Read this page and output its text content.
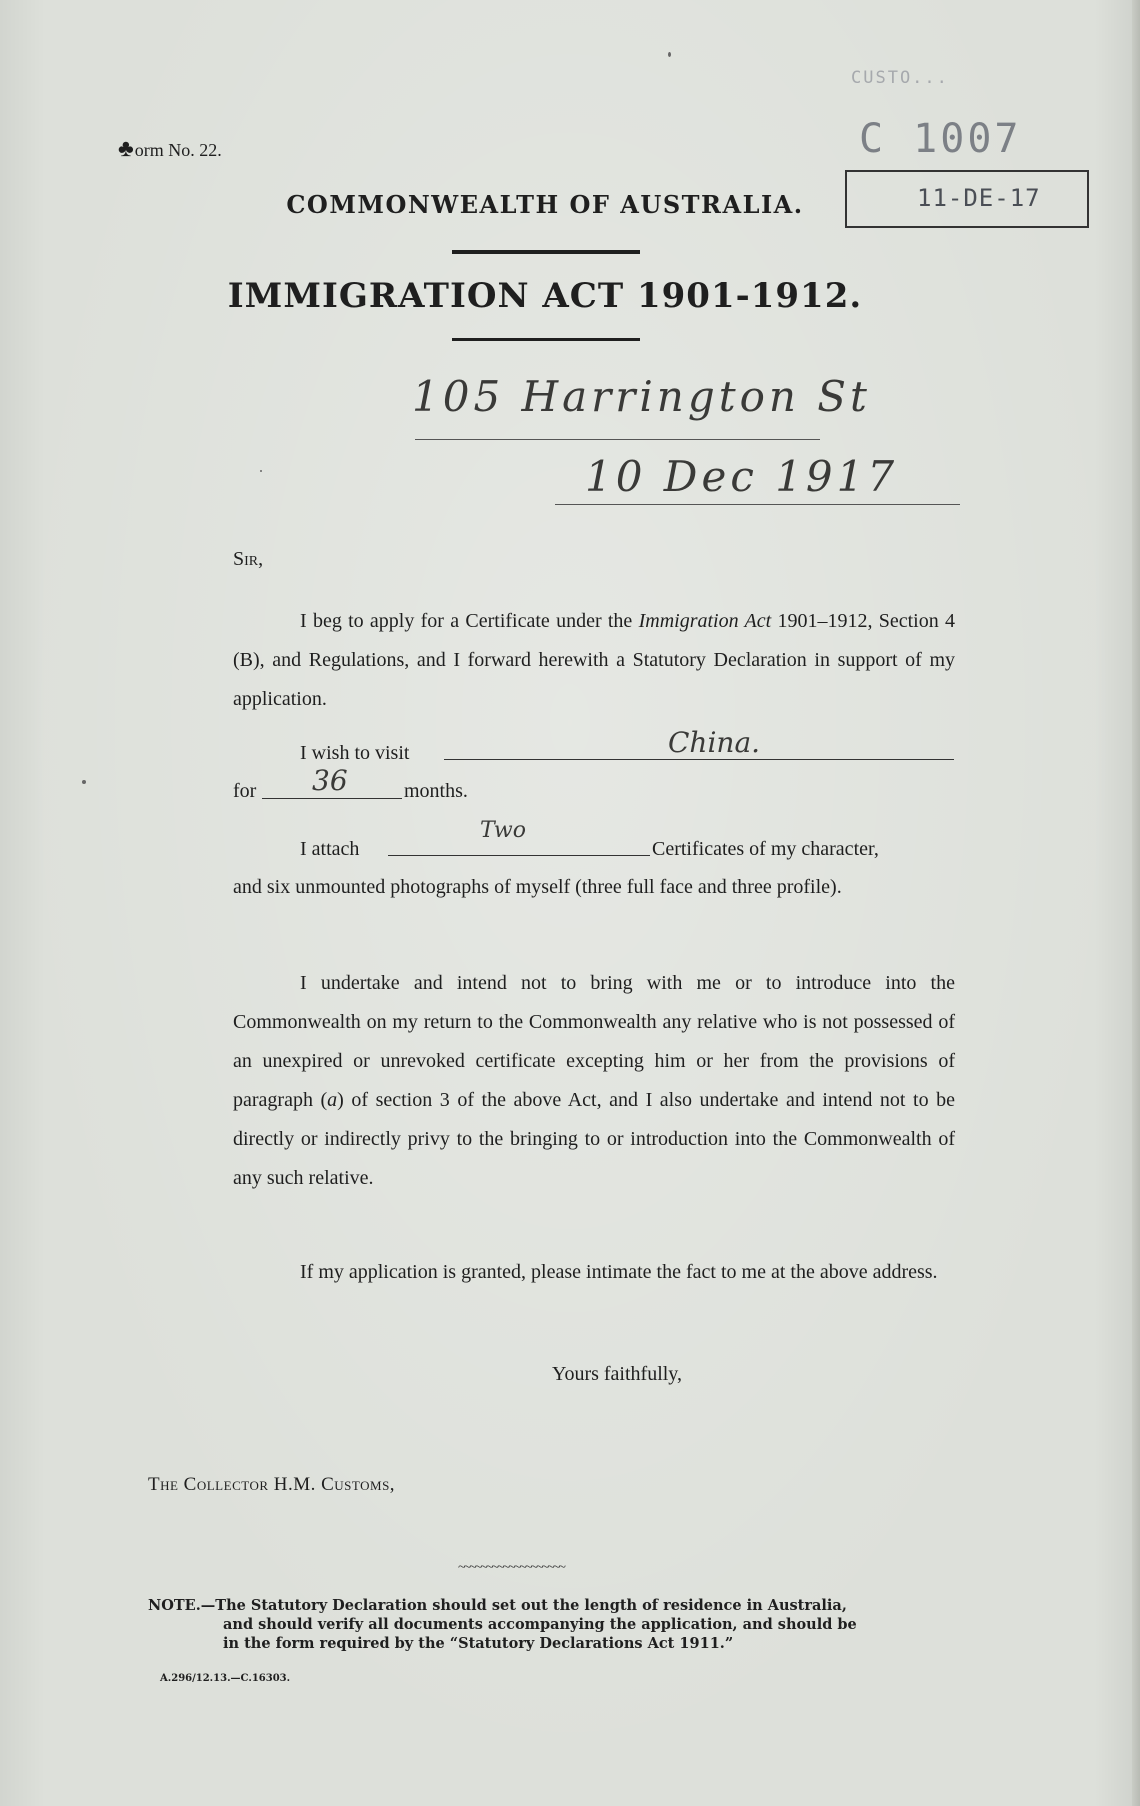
♣orm No. 22.
CUSTO...
C 1007
11-DE-17
COMMONWEALTH OF AUSTRALIA.
IMMIGRATION ACT 1901-1912.
105 Harrington St
10 Dec 1917
Sir,
I beg to apply for a Certificate under the Immigration Act 1901–1912, Section 4 (B), and Regulations, and I forward herewith a Statutory Declaration in support of my application.
I wish to visit	China.
for 36	months.
I attach
Two
Certificates of my character,
and six unmounted photographs of myself (three full face and three profile).
I undertake and intend not to bring with me or to introduce into the Commonwealth on my return to the Commonwealth any relative who is not possessed of an unexpired or unrevoked certificate excepting him or her from the provisions of paragraph (a) of section 3 of the above Act, and I also undertake and intend not to be directly or indirectly privy to the bringing to or introduction into the Commonwealth of any such relative.
If my application is granted, please intimate the fact to me at the above address.
Yours faithfully,
The Collector H.M. Customs,
~~~~~~~~~~~~~~~~~~~
NOTE.—The Statutory Declaration should set out the length of residence in Australia,
and should verify all documents accompanying the application, and should be
in the form required by the “Statutory Declarations Act 1911.”
A.296/12.13.—C.16303.
